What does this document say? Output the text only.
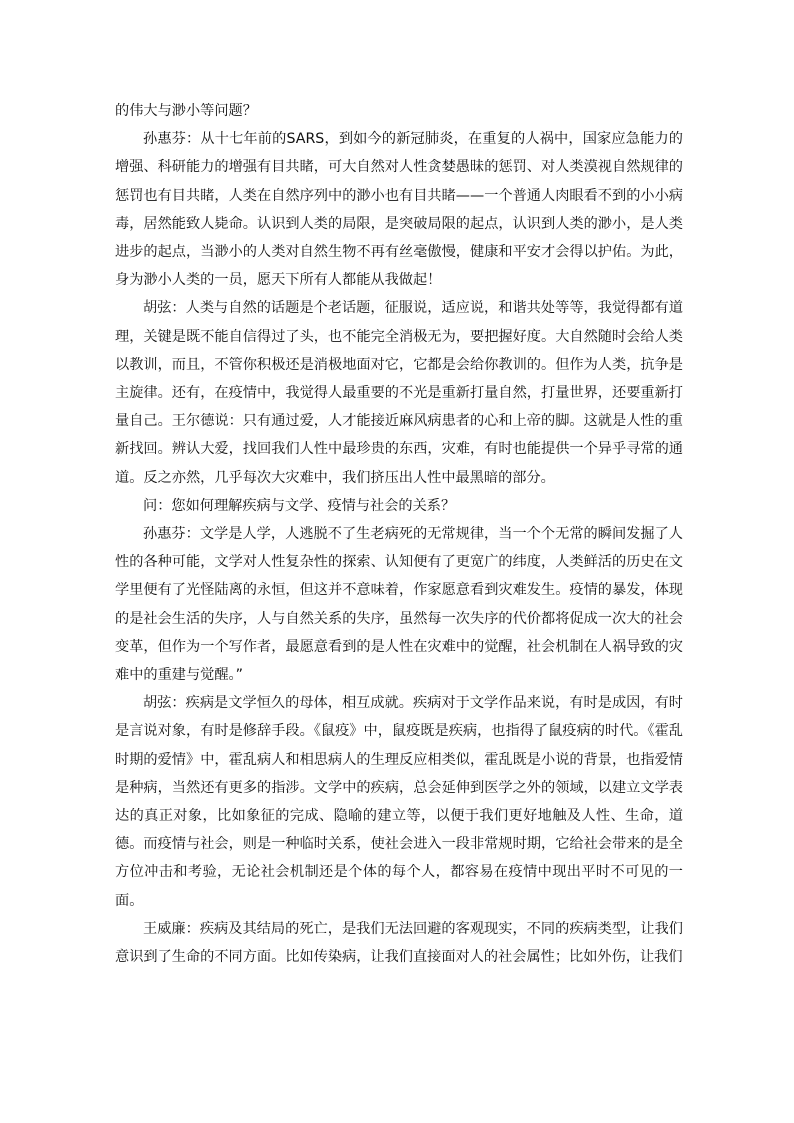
的伟大与渺小等问题？

孙惠芬：从十七年前的SARS，到如今的新冠肺炎，在重复的人祸中，国家应急能力的增强、科研能力的增强有目共睹，可大自然对人性贪婪愚昧的惩罚、对人类漠视自然规律的惩罚也有目共睹，人类在自然序列中的渺小也有目共睹——一个普通人肉眼看不到的小小病毒，居然能致人毙命。认识到人类的局限，是突破局限的起点，认识到人类的渺小，是人类进步的起点，当渺小的人类对自然生物不再有丝毫傲慢，健康和平安才会得以护佑。为此，身为渺小人类的一员，愿天下所有人都能从我做起！

胡弦：人类与自然的话题是个老话题，征服说，适应说，和谐共处等等，我觉得都有道理，关键是既不能自信得过了头，也不能完全消极无为，要把握好度。大自然随时会给人类以教训，而且，不管你积极还是消极地面对它，它都是会给你教训的。但作为人类，抗争是主旋律。还有，在疫情中，我觉得人最重要的不光是重新打量自然，打量世界，还要重新打量自己。王尔德说：只有通过爱，人才能接近麻风病患者的心和上帝的脚。这就是人性的重新找回。辨认大爱，找回我们人性中最珍贵的东西，灾难，有时也能提供一个异乎寻常的通道。反之亦然，几乎每次大灾难中，我们挤压出人性中最黑暗的部分。

问：您如何理解疾病与文学、疫情与社会的关系？

孙惠芬：文学是人学，人逃脱不了生老病死的无常规律，当一个个无常的瞬间发掘了人性的各种可能，文学对人性复杂性的探索、认知便有了更宽广的纬度，人类鲜活的历史在文学里便有了光怪陆离的永恒，但这并不意味着，作家愿意看到灾难发生。疫情的暴发，体现的是社会生活的失序，人与自然关系的失序，虽然每一次失序的代价都将促成一次大的社会变革，但作为一个写作者，最愿意看到的是人性在灾难中的觉醒，社会机制在人祸导致的灾难中的重建与觉醒。”

胡弦：疾病是文学恒久的母体，相互成就。疾病对于文学作品来说，有时是成因，有时是言说对象，有时是修辞手段。《鼠疫》中，鼠疫既是疾病，也指得了鼠疫病的时代。《霍乱时期的爱情》中，霍乱病人和相思病人的生理反应相类似，霍乱既是小说的背景，也指爱情是种病，当然还有更多的指涉。文学中的疾病，总会延伸到医学之外的领域，以建立文学表达的真正对象，比如象征的完成、隐喻的建立等，以便于我们更好地触及人性、生命，道德。而疫情与社会，则是一种临时关系，使社会进入一段非常规时期，它给社会带来的是全方位冲击和考验，无论社会机制还是个体的每个人，都容易在疫情中现出平时不可见的一面。

王威廉：疾病及其结局的死亡，是我们无法回避的客观现实，不同的疾病类型，让我们意识到了生命的不同方面。比如传染病，让我们直接面对人的社会属性；比如外伤，让我们
